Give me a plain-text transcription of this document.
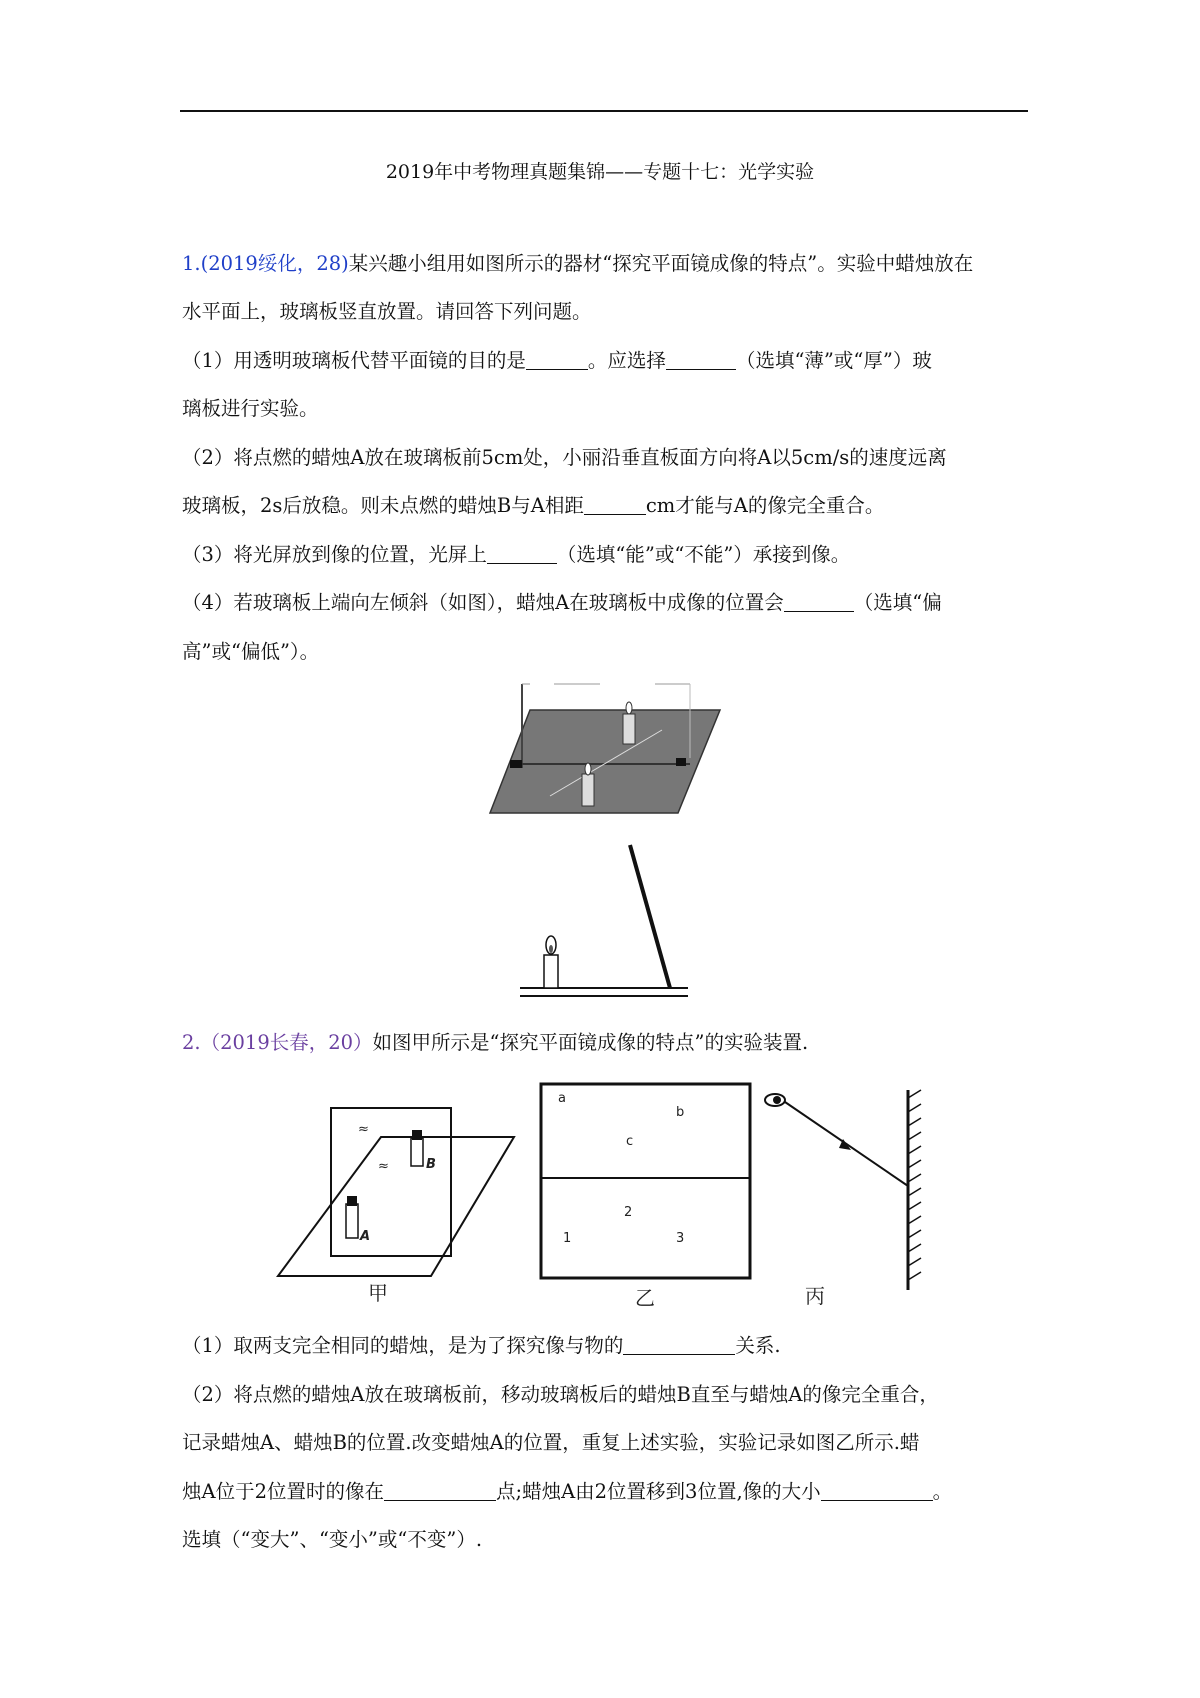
2019年中考物理真题集锦——专题十七：光学实验
1.(2019绥化，28)某兴趣小组用如图所示的器材“探究平面镜成像的特点”。实验中蜡烛放在
水平面上，玻璃板竖直放置。请回答下列问题。
（1）用透明玻璃板代替平面镜的目的是	。应选择	（选填“薄”或“厚”）玻
璃板进行实验。
（2）将点燃的蜡烛A放在玻璃板前5cm处，小丽沿垂直板面方向将A以5cm/s的速度远离
玻璃板，2s后放稳。则未点燃的蜡烛B与A相距	cm才能与A的像完全重合。
（3）将光屏放到像的位置，光屏上	（选填“能”或“不能”）承接到像。
（4）若玻璃板上端向左倾斜（如图），蜡烛A在玻璃板中成像的位置会	（选填“偏
高”或“偏低”）。
2.（2019长春，20）如图甲所示是“探究平面镜成像的特点”的实验装置.
≈
≈	B
A
甲
a
b
c
2
1	3
乙	丙
（1）取两支完全相同的蜡烛，是为了探究像与物的	关系.
（2）将点燃的蜡烛A放在玻璃板前，移动玻璃板后的蜡烛B直至与蜡烛A的像完全重合，
记录蜡烛A、蜡烛B的位置.改变蜡烛A的位置，重复上述实验，实验记录如图乙所示.蜡
烛A位于2位置时的像在	点;蜡烛A由2位置移到3位置,像的大小	。
选填（“变大”、“变小”或“不变”）.
